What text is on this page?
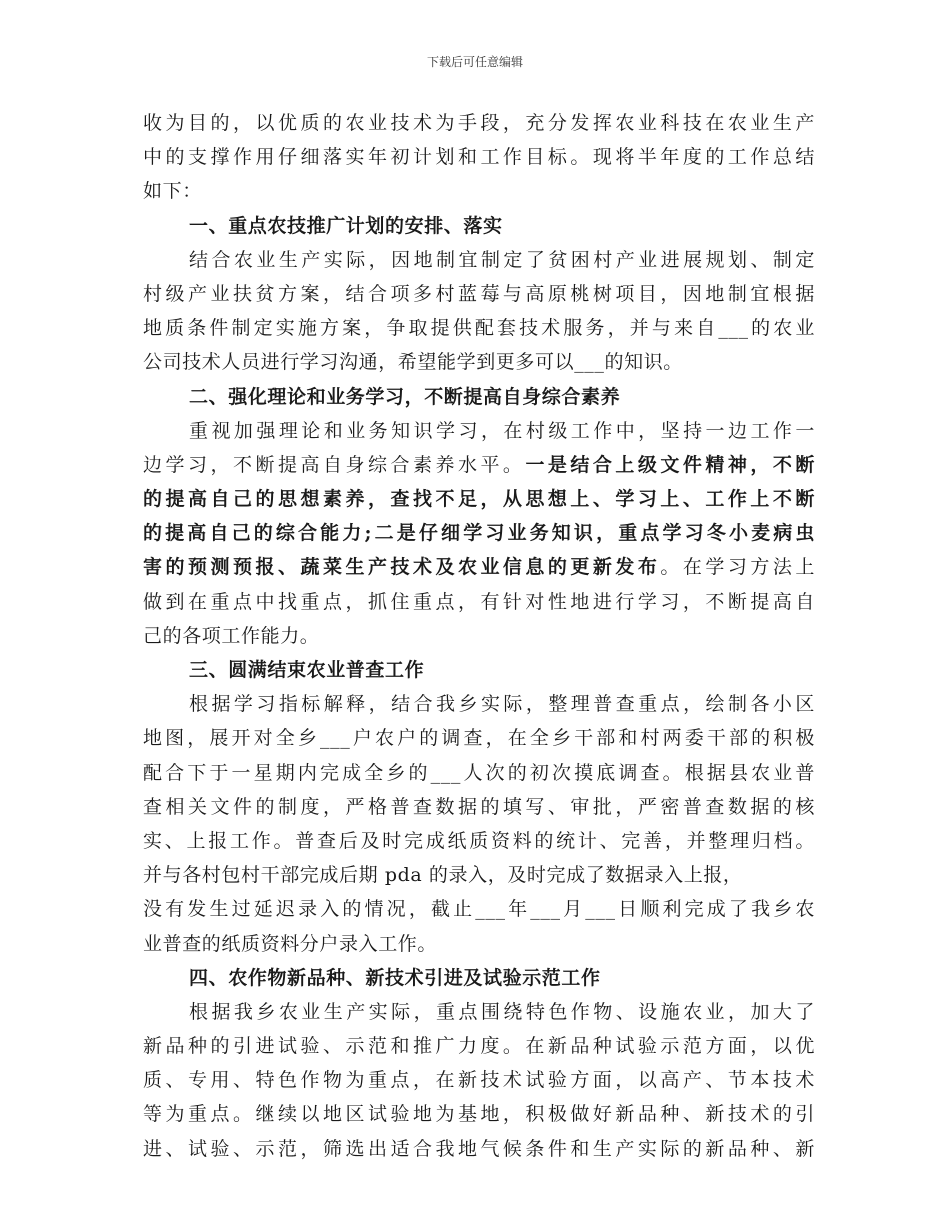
下载后可任意编辑
收为目的，以优质的农业技术为手段，充分发挥农业科技在农业生产
中的支撑作用仔细落实年初计划和工作目标。现将半年度的工作总结
如下：
一、重点农技推广计划的安排、落实
结合农业生产实际，因地制宜制定了贫困村产业进展规划、制定
村级产业扶贫方案，结合项多村蓝莓与高原桃树项目，因地制宜根据
地质条件制定实施方案，争取提供配套技术服务，并与来自___的农业
公司技术人员进行学习沟通，希望能学到更多可以___的知识。
二、强化理论和业务学习，不断提高自身综合素养
重视加强理论和业务知识学习，在村级工作中，坚持一边工作一
边学习，不断提高自身综合素养水平。一是结合上级文件精神，不断
的提高自己的思想素养，查找不足，从思想上、学习上、工作上不断
的提高自己的综合能力;二是仔细学习业务知识，重点学习冬小麦病虫
害的预测预报、蔬菜生产技术及农业信息的更新发布。在学习方法上
做到在重点中找重点，抓住重点，有针对性地进行学习，不断提高自
己的各项工作能力。
三、圆满结束农业普查工作
根据学习指标解释，结合我乡实际，整理普查重点，绘制各小区
地图，展开对全乡___户农户的调查，在全乡干部和村两委干部的积极
配合下于一星期内完成全乡的___人次的初次摸底调查。根据县农业普
查相关文件的制度，严格普查数据的填写、审批，严密普查数据的核
实、上报工作。普查后及时完成纸质资料的统计、完善，并整理归档。
并与各村包村干部完成后期 pda 的录入，及时完成了数据录入上报，
没有发生过延迟录入的情况，截止___年___月___日顺利完成了我乡农
业普查的纸质资料分户录入工作。
四、农作物新品种、新技术引进及试验示范工作
根据我乡农业生产实际，重点围绕特色作物、设施农业，加大了
新品种的引进试验、示范和推广力度。在新品种试验示范方面，以优
质、专用、特色作物为重点，在新技术试验方面，以高产、节本技术
等为重点。继续以地区试验地为基地，积极做好新品种、新技术的引
进、试验、示范，筛选出适合我地气候条件和生产实际的新品种、新
